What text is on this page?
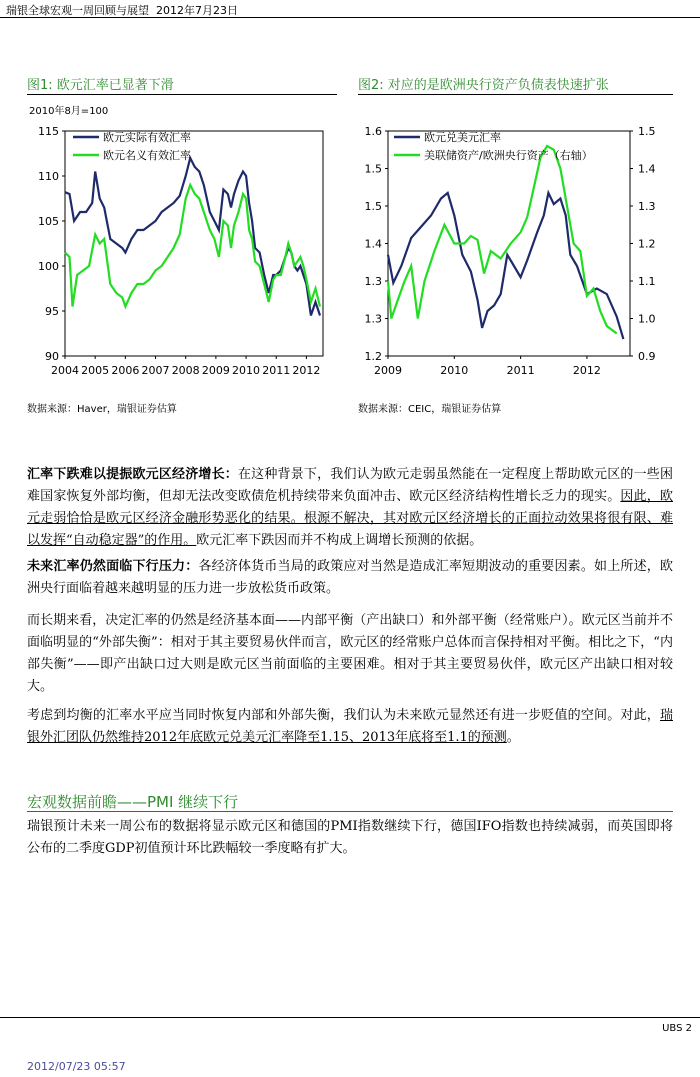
瑞银全球宏观一周回顾与展望 2012年7月23日
图1: 欧元汇率已显著下滑
2010年8月=100
90
95
100
105
110
115
2004 2005 2006 2007 2008 2009 2010 2011 2012
欧元实际有效汇率
欧元名义有效汇率
数据来源：Haver，瑞银证券估算
图2: 对应的是欧洲央行资产负债表快速扩张
1.2
1.3
1.3
1.4
1.5
1.5
1.6
0.9
1.0
1.1
1.2
1.3
1.4
1.5
2009	2010	2011	2012
欧元兑美元汇率
美联储资产/欧洲央行资产（右轴）
数据来源：CEIC，瑞银证券估算
汇率下跌难以提振欧元区经济增长：在这种背景下，我们认为欧元走弱虽然能在一定程度上帮助欧元区的一些困难国家恢复外部均衡，但却无法改变欧债危机持续带来负面冲击、欧元区经济结构性增长乏力的现实。因此，欧元走弱恰恰是欧元区经济金融形势恶化的结果。根源不解决，其对欧元区经济增长的正面拉动效果将很有限、难以发挥“自动稳定器”的作用。欧元汇率下跌因而并不构成上调增长预测的依据。
未来汇率仍然面临下行压力：各经济体货币当局的政策应对当然是造成汇率短期波动的重要因素。如上所述，欧洲央行面临着越来越明显的压力进一步放松货币政策。
而长期来看，决定汇率的仍然是经济基本面——内部平衡（产出缺口）和外部平衡（经常账户）。欧元区当前并不面临明显的“外部失衡”：相对于其主要贸易伙伴而言，欧元区的经常账户总体而言保持相对平衡。相比之下，“内部失衡”——即产出缺口过大则是欧元区当前面临的主要困难。相对于其主要贸易伙伴，欧元区产出缺口相对较大。
考虑到均衡的汇率水平应当同时恢复内部和外部失衡，我们认为未来欧元显然还有进一步贬值的空间。对此，瑞银外汇团队仍然维持2012年底欧元兑美元汇率降至1.15、2013年底将至1.1的预测。
宏观数据前瞻——PMI 继续下行
瑞银预计未来一周公布的数据将显示欧元区和德国的PMI指数继续下行，德国IFO指数也持续减弱，而英国即将公布的二季度GDP初值预计环比跌幅较一季度略有扩大。
UBS 2
2012/07/23 05:57
